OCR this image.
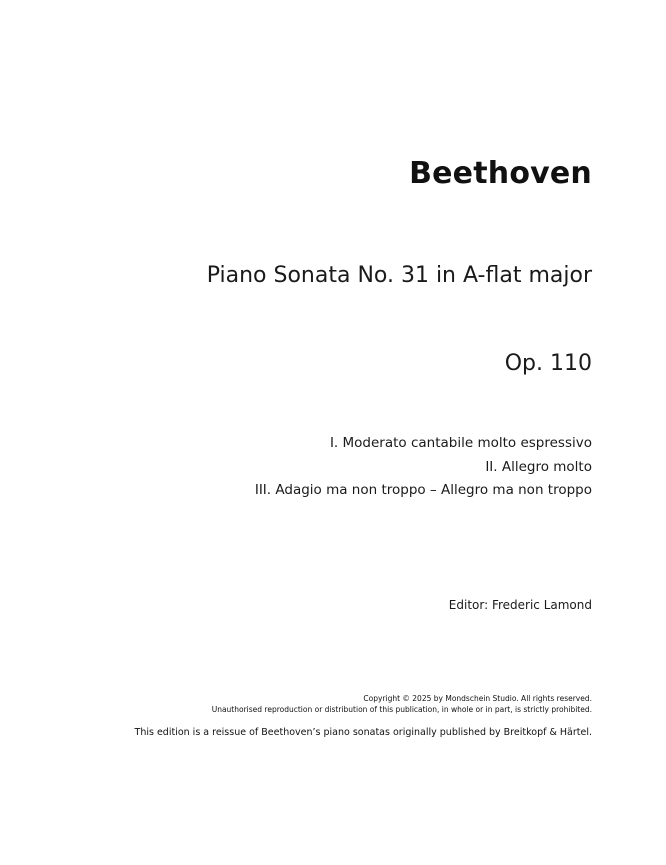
Beethoven
Piano Sonata No. 31 in A-flat major
Op. 110
I. Moderato cantabile molto espressivo
II. Allegro molto
III. Adagio ma non troppo – Allegro ma non troppo
Editor: Frederic Lamond
Copyright © 2025 by Mondschein Studio. All rights reserved.
Unauthorised reproduction or distribution of this publication, in whole or in part, is strictly prohibited.
This edition is a reissue of Beethoven’s piano sonatas originally published by Breitkopf & Härtel.
